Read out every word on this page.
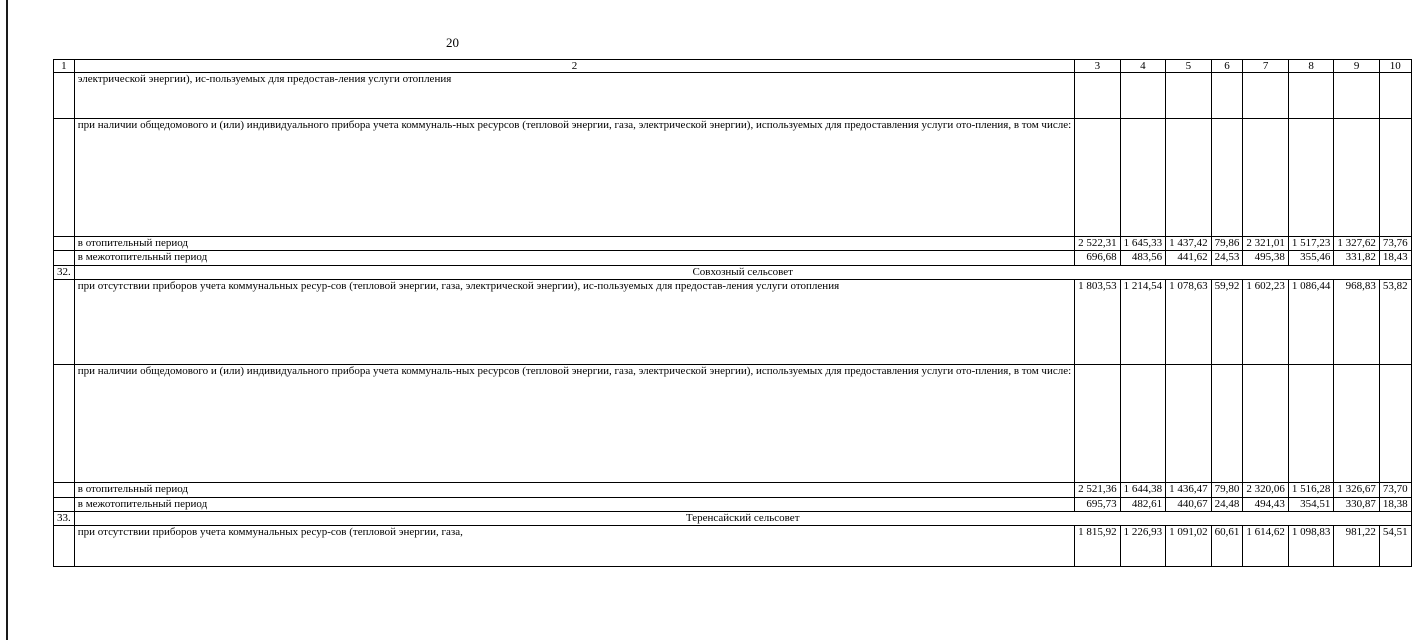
20
1	2	3	4	5	6	7	8	9	10
	электрической энергии), ис-пользуемых для предостав-ления услуги отопления								
	при наличии общедомового и (или) индивидуального прибора учета коммуналь-ных ресурсов (тепловой энергии, газа, электрической энергии), используемых для предоставления услуги ото-пления, в том числе:								
	в отопительный период	2 522,31	1 645,33	1 437,42	79,86	2 321,01	1 517,23	1 327,62	73,76
	в межотопительный период	696,68	483,56	441,62	24,53	495,38	355,46	331,82	18,43
32.	Совхозный сельсовет								
	при отсутствии приборов учета коммунальных ресур-сов (тепловой энергии, газа, электрической энергии), ис-пользуемых для предостав-ления услуги отопления	1 803,53	1 214,54	1 078,63	59,92	1 602,23	1 086,44	968,83	53,82
	при наличии общедомового и (или) индивидуального прибора учета коммуналь-ных ресурсов (тепловой энергии, газа, электрической энергии), используемых для предоставления услуги ото-пления, в том числе:								
	в отопительный период	2 521,36	1 644,38	1 436,47	79,80	2 320,06	1 516,28	1 326,67	73,70
	в межотопительный период	695,73	482,61	440,67	24,48	494,43	354,51	330,87	18,38
33.	Теренсайский сельсовет								
	при отсутствии приборов учета коммунальных ресур-сов (тепловой энергии, газа,	1 815,92	1 226,93	1 091,02	60,61	1 614,62	1 098,83	981,22	54,51
